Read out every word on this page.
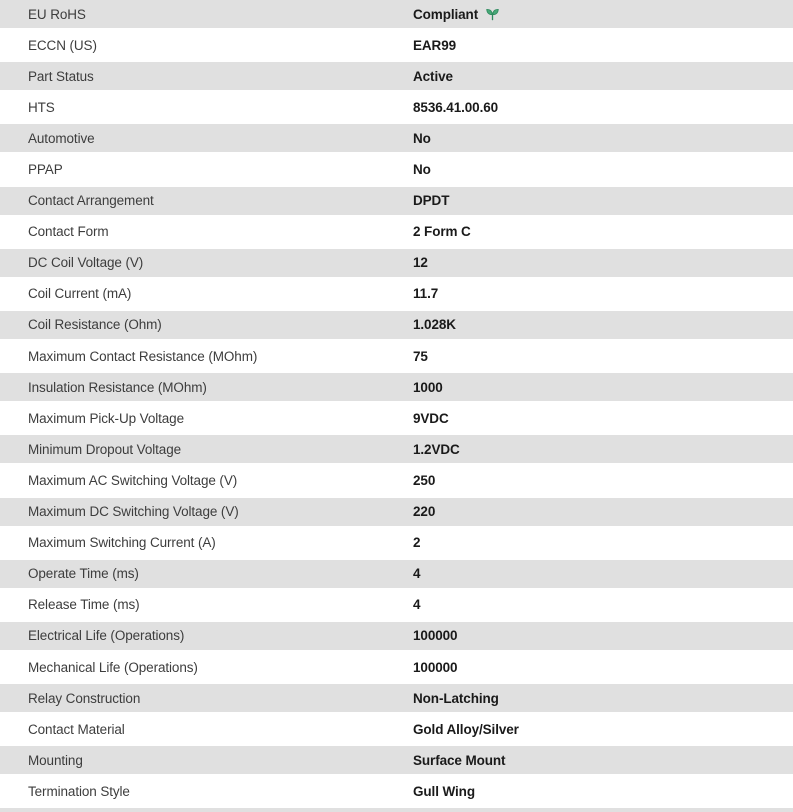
EU RoHS	Compliant
ECCN (US)	EAR99
Part Status	Active
HTS	8536.41.00.60
Automotive	No
PPAP	No
Contact Arrangement	DPDT
Contact Form	2 Form C
DC Coil Voltage (V)	12
Coil Current (mA)	11.7
Coil Resistance (Ohm)	1.028K
Maximum Contact Resistance (MOhm)	75
Insulation Resistance (MOhm)	1000
Maximum Pick-Up Voltage	9VDC
Minimum Dropout Voltage	1.2VDC
Maximum AC Switching Voltage (V)	250
Maximum DC Switching Voltage (V)	220
Maximum Switching Current (A)	2
Operate Time (ms)	4
Release Time (ms)	4
Electrical Life (Operations)	100000
Mechanical Life (Operations)	100000
Relay Construction	Non-Latching
Contact Material	Gold Alloy/Silver
Mounting	Surface Mount
Termination Style	Gull Wing
